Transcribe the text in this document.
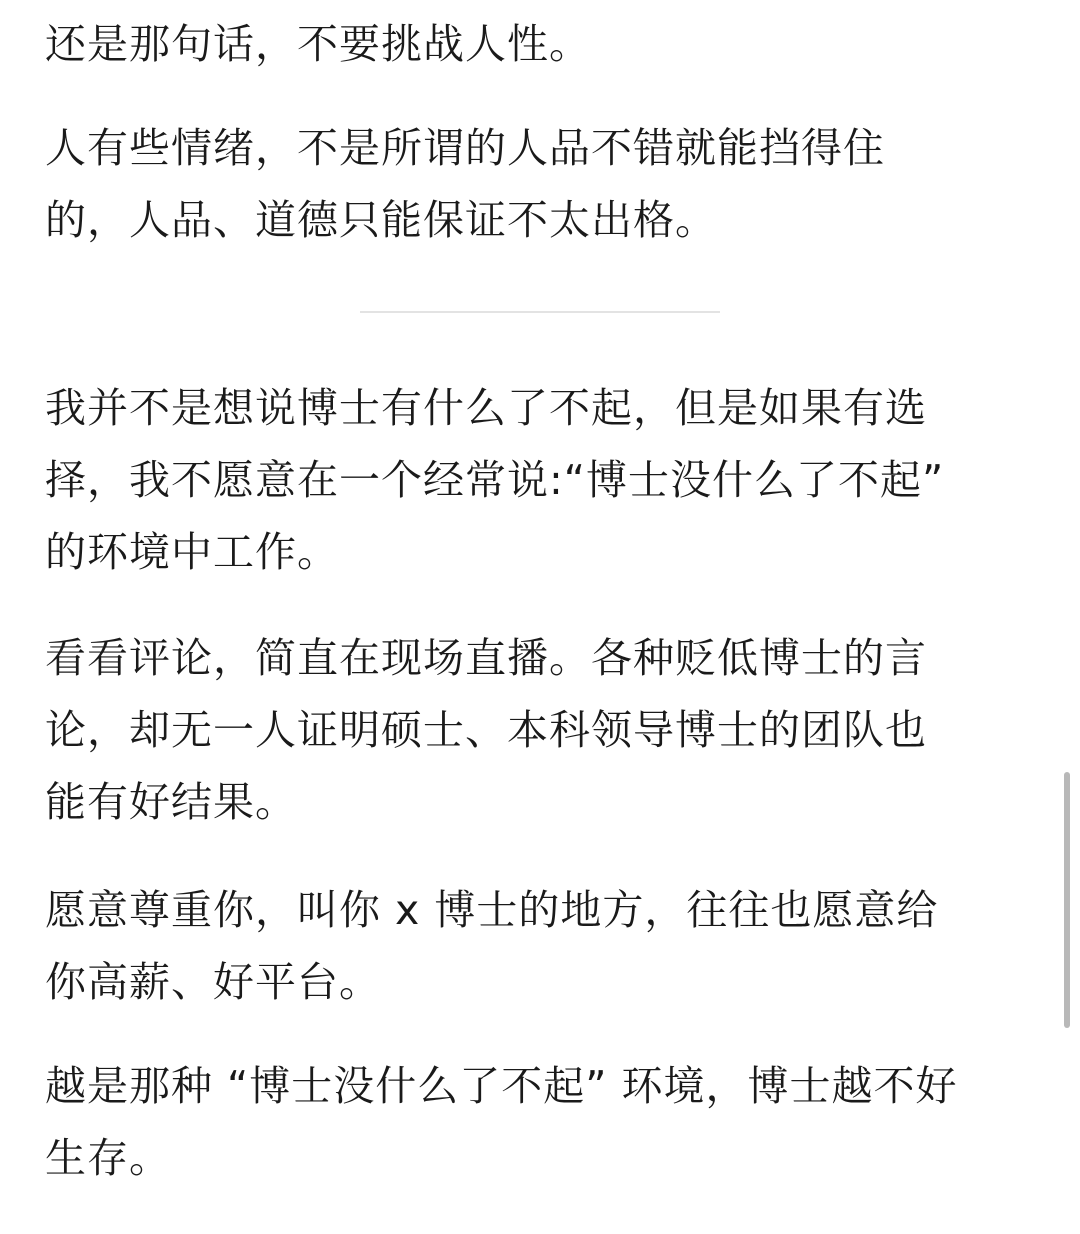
还是那句话，不要挑战人性。

人有些情绪，不是所谓的人品不错就能挡得住
的，人品、道德只能保证不太出格。

我并不是想说博士有什么了不起，但是如果有选
择，我不愿意在一个经常说:“博士没什么了不起”
的环境中工作。

看看评论，简直在现场直播。各种贬低博士的言
论，却无一人证明硕士、本科领导博士的团队也
能有好结果。

愿意尊重你，叫你 x 博士的地方，往往也愿意给
你高薪、好平台。

越是那种 “博士没什么了不起” 环境，博士越不好
生存。
